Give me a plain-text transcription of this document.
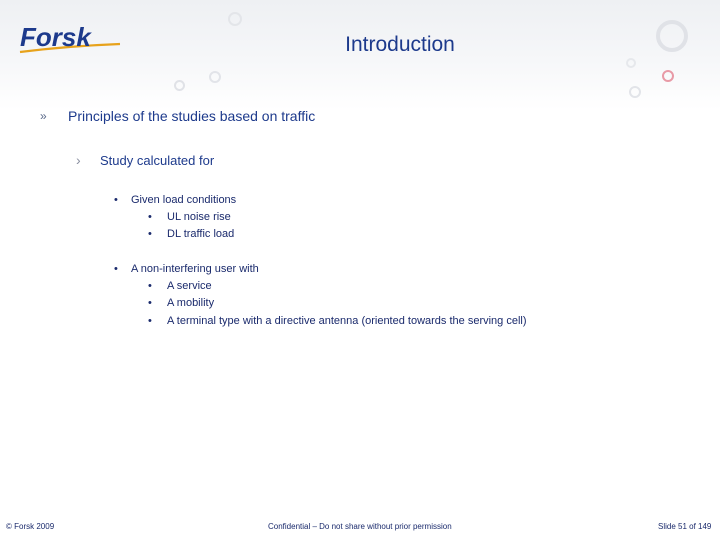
Forsk	Introduction
» Principles of the studies based on traffic
› Study calculated for
• Given load conditions
• UL noise rise
• DL traffic load
• A non-interfering user with
• A service
• A mobility
• A terminal type with a directive antenna (oriented towards the serving cell)
© Forsk 2009	Confidential – Do not share without prior permission	Slide 51 of 149
